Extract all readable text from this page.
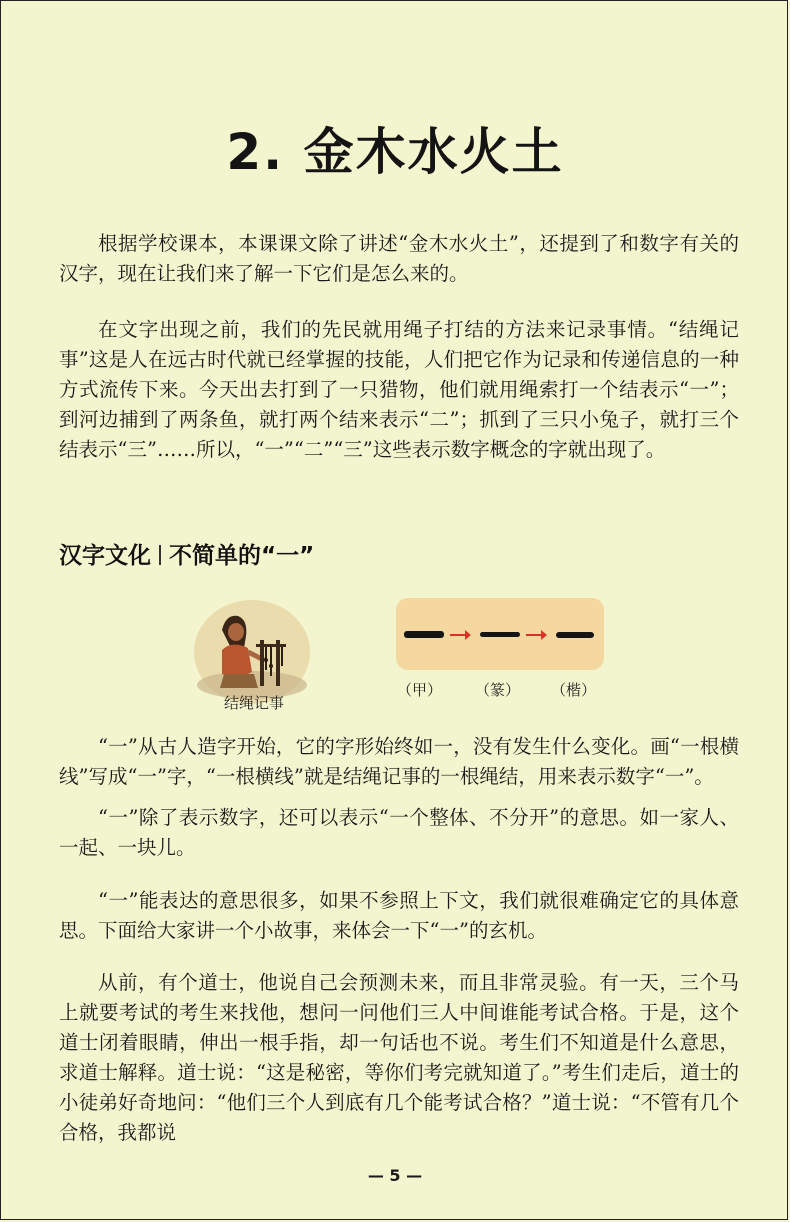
2. 金木水火土

根据学校课本，本课课文除了讲述“金木水火土”，还提到了和数字有关的汉字，现在让我们来了解一下它们是怎么来的。

在文字出现之前，我们的先民就用绳子打结的方法来记录事情。“结绳记事”这是人在远古时代就已经掌握的技能，人们把它作为记录和传递信息的一种方式流传下来。今天出去打到了一只猎物，他们就用绳索打一个结表示“一”；到河边捕到了两条鱼，就打两个结来表示“二”；抓到了三只小兔子，就打三个结表示“三”……所以，“一”“二”“三”这些表示数字概念的字就出现了。

汉字文化 不简单的“一”
结绳记事
（甲） （篆） （楷）

“一”从古人造字开始，它的字形始终如一，没有发生什么变化。画“一根横线”写成“一”字，“一根横线”就是结绳记事的一根绳结，用来表示数字“一”。

“一”除了表示数字，还可以表示“一个整体、不分开”的意思。如一家人、一起、一块儿。

“一”能表达的意思很多，如果不参照上下文，我们就很难确定它的具体意思。下面给大家讲一个小故事，来体会一下“一”的玄机。

从前，有个道士，他说自己会预测未来，而且非常灵验。有一天，三个马上就要考试的考生来找他，想问一问他们三人中间谁能考试合格。于是，这个道士闭着眼睛，伸出一根手指，却一句话也不说。考生们不知道是什么意思，求道士解释。道士说：“这是秘密，等你们考完就知道了。”考生们走后，道士的小徒弟好奇地问：“他们三个人到底有几个能考试合格？”道士说：“不管有几个合格，我都说

— 5 —
